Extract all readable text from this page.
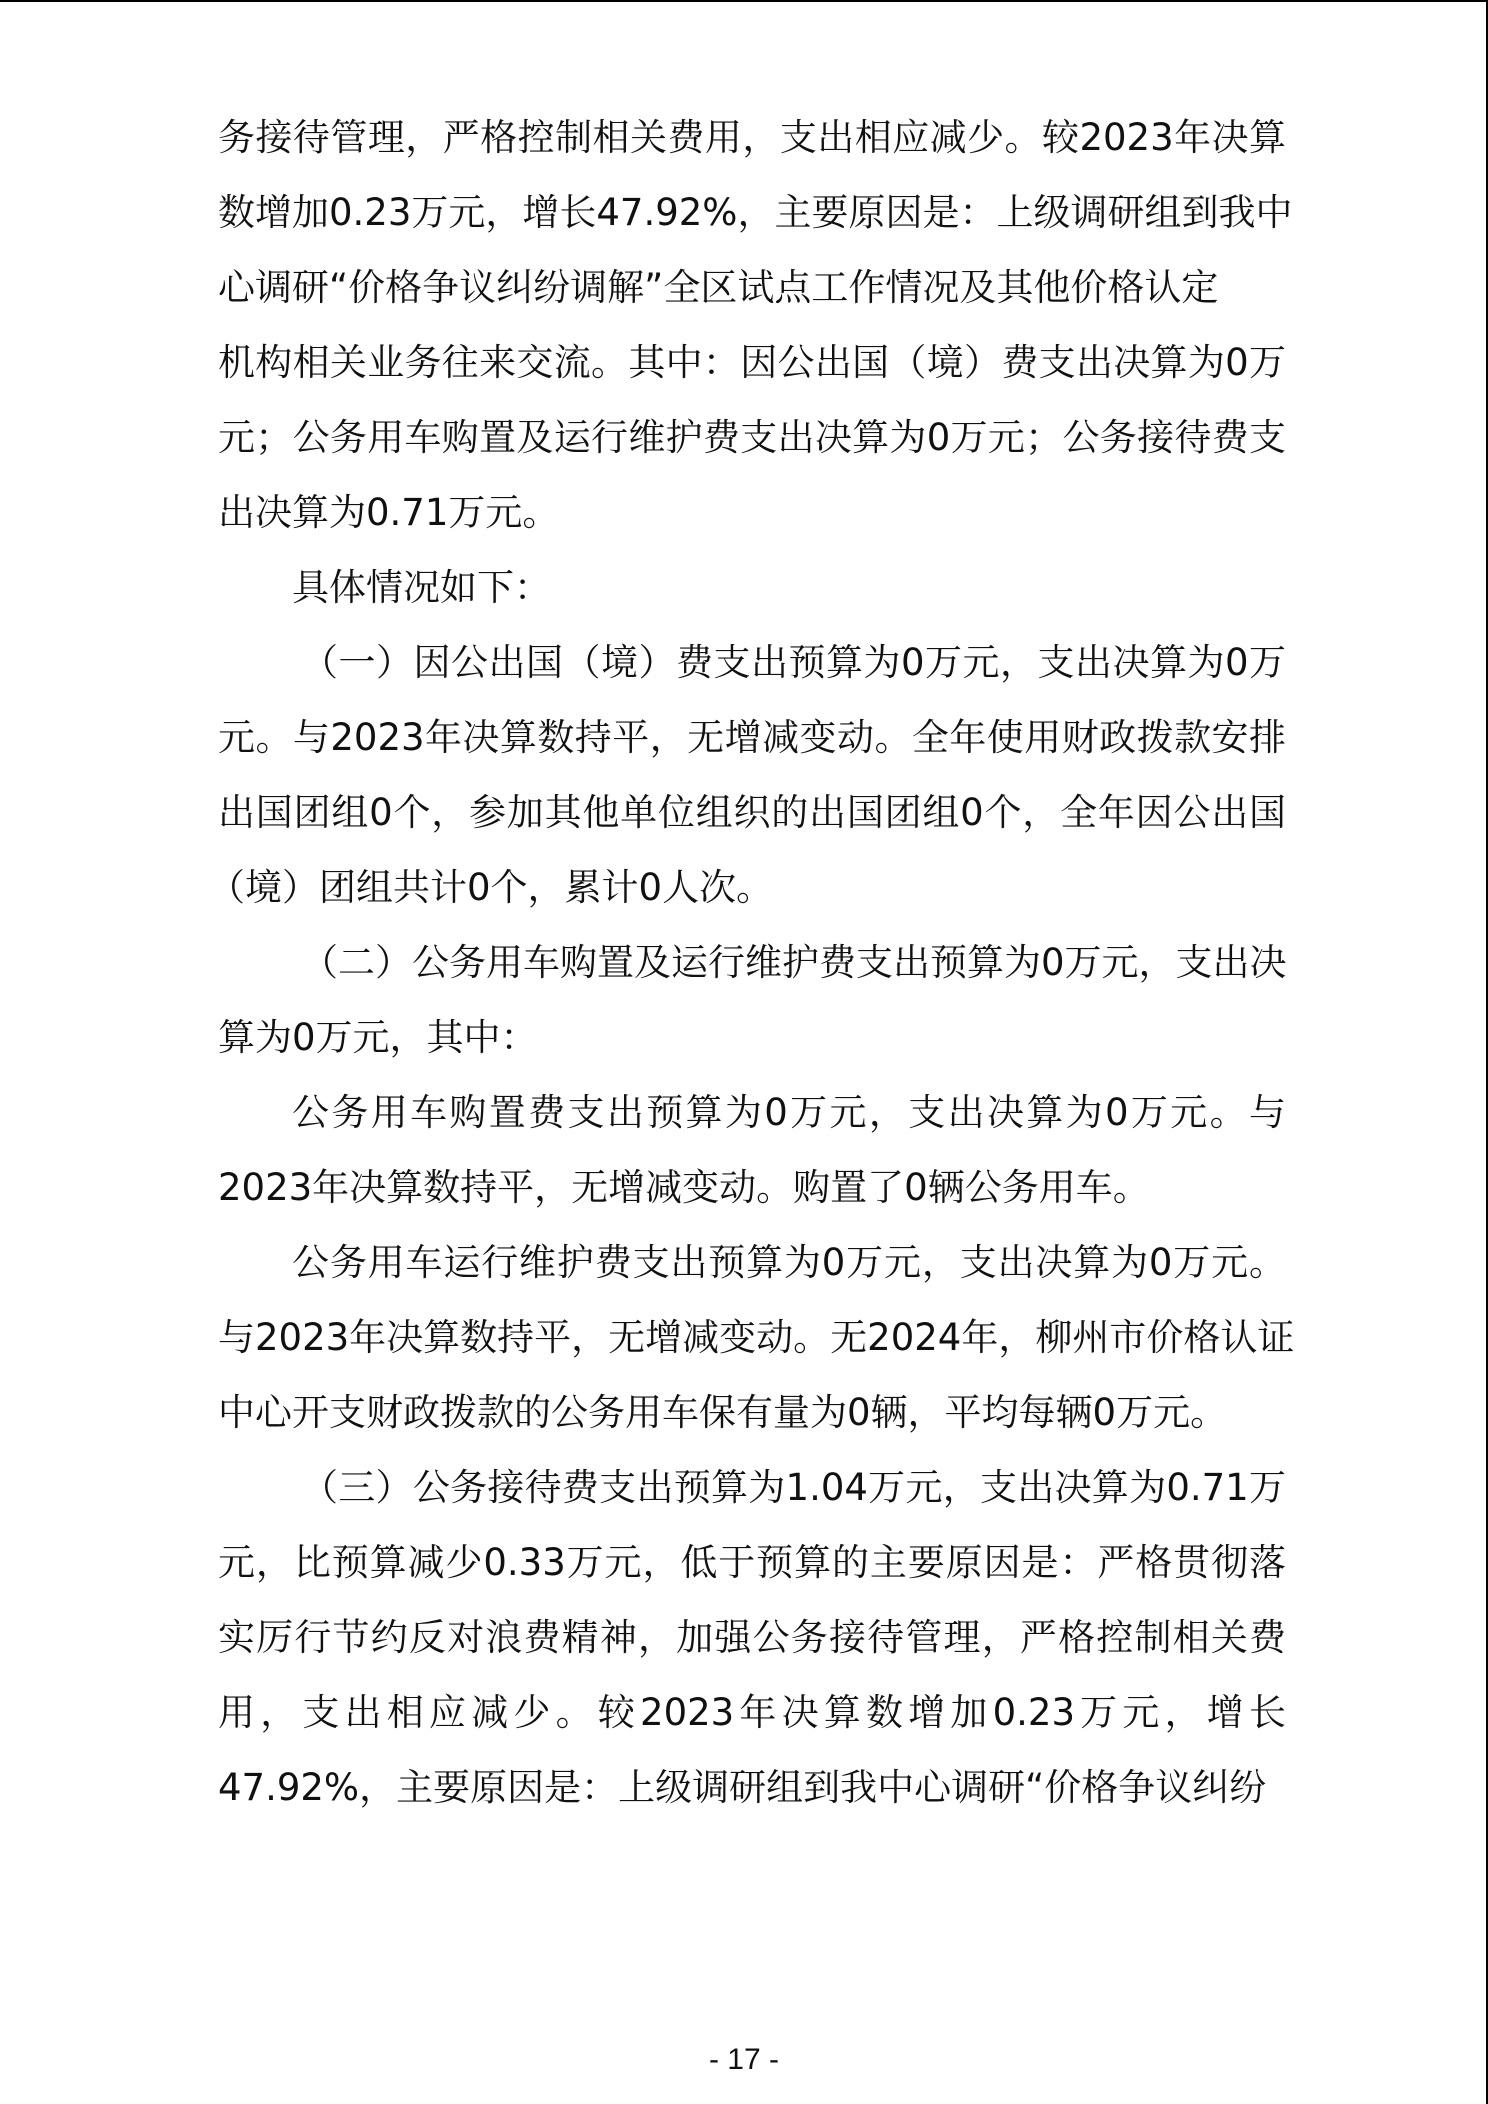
务接待管理，严格控制相关费用，支出相应减少。较2023年决算
数增加0.23万元，增长47.92%，主要原因是：上级调研组到我中
心调研“价格争议纠纷调解”全区试点工作情况及其他价格认定
机构相关业务往来交流。其中：因公出国（境）费支出决算为0万
元；公务用车购置及运行维护费支出决算为0万元；公务接待费支
出决算为0.71万元。
具体情况如下：
（一）因公出国（境）费支出预算为0万元，支出决算为0万
元。与2023年决算数持平，无增减变动。全年使用财政拨款安排
出国团组0个，参加其他单位组织的出国团组0个，全年因公出国
（境）团组共计0个，累计0人次。
（二）公务用车购置及运行维护费支出预算为0万元，支出决
算为0万元，其中：
公务用车购置费支出预算为0万元，支出决算为0万元。与
2023年决算数持平，无增减变动。购置了0辆公务用车。
公务用车运行维护费支出预算为0万元，支出决算为0万元。
与2023年决算数持平，无增减变动。无2024年，柳州市价格认证
中心开支财政拨款的公务用车保有量为0辆，平均每辆0万元。
（三）公务接待费支出预算为1.04万元，支出决算为0.71万
元，比预算减少0.33万元，低于预算的主要原因是：严格贯彻落
实厉行节约反对浪费精神，加强公务接待管理，严格控制相关费
用，支出相应减少。较2023年决算数增加0.23万元，增长
47.92%，主要原因是：上级调研组到我中心调研“价格争议纠纷
- 17 -
